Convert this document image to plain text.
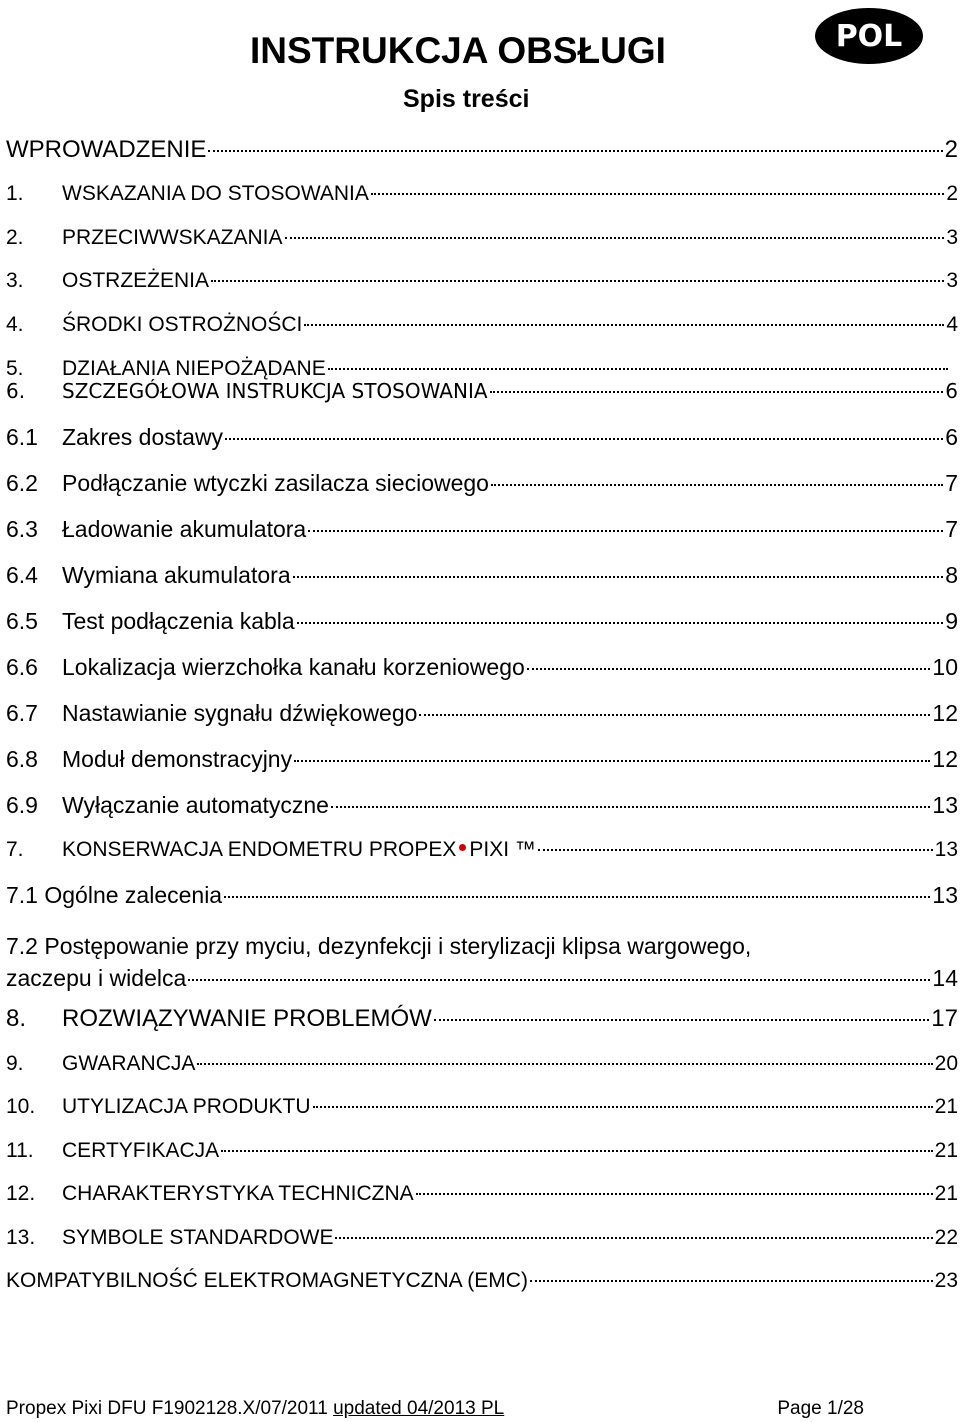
POL
INSTRUKCJA OBSŁUGI
Spis treści
WPROWADZENIE	2
1.	WSKAZANIA DO STOSOWANIA	2
2.	PRZECIWWSKAZANIA	3
3.	OSTRZEŻENIA	3
4.	ŚRODKI OSTROŻNOŚCI	4
5.	DZIAŁANIA NIEPOŻĄDANE
6.	SZCZEGÓŁOWA INSTRUKCJA STOSOWANIA	6
6.1	Zakres dostawy	6
6.2	Podłączanie wtyczki zasilacza sieciowego	7
6.3	Ładowanie akumulatora	7
6.4	Wymiana akumulatora	8
6.5	Test podłączenia kabla	9
6.6	Lokalizacja wierzchołka kanału korzeniowego	10
6.7	Nastawianie sygnału dźwiękowego	12
6.8	Moduł demonstracyjny	12
6.9	Wyłączanie automatyczne	13
7.	KONSERWACJA ENDOMETRU PROPEX PIXI ™	13
7.1 Ogólne zalecenia	13
7.2 Postępowanie przy myciu, dezynfekcji i sterylizacji klipsa wargowego,
zaczepu i widelca	14
8.	ROZWIĄZYWANIE PROBLEMÓW	17
9.	GWARANCJA	20
10.	UTYLIZACJA PRODUKTU	21
11.	CERTYFIKACJA	21
12.	CHARAKTERYSTYKA TECHNICZNA	21
13.	SYMBOLE STANDARDOWE	22
KOMPATYBILNOŚĆ ELEKTROMAGNETYCZNA (EMC)	23
Propex Pixi DFU F1902128.X/07/2011 updated 04/2013 PL	Page 1/28
